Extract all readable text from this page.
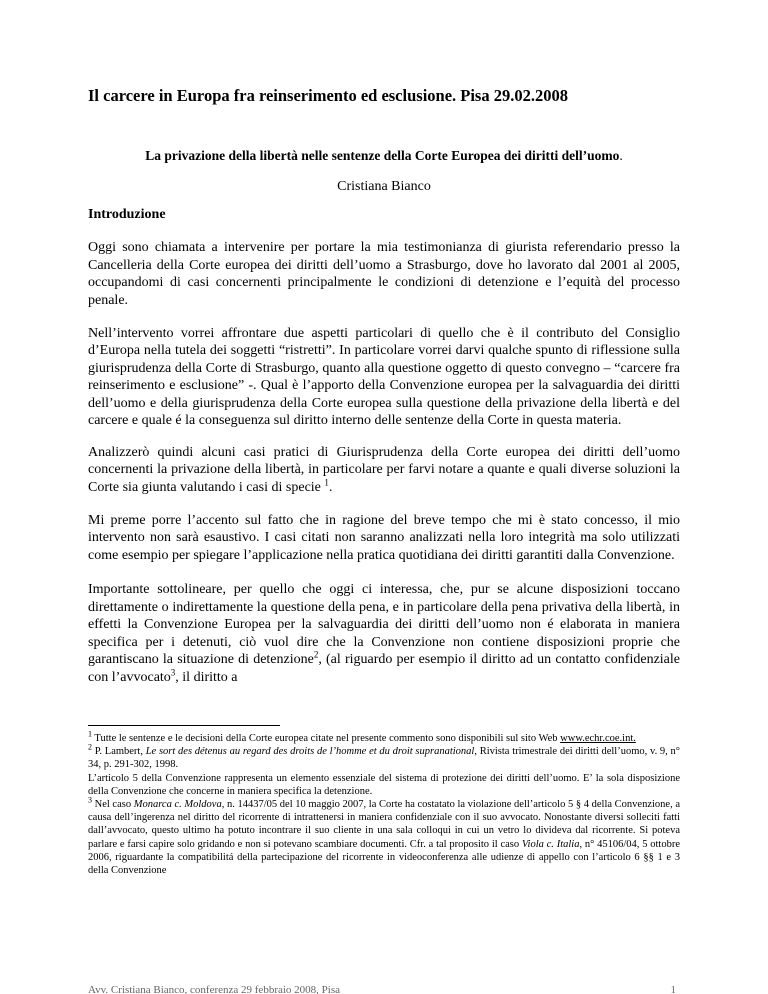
Il carcere in Europa fra reinserimento ed esclusione. Pisa 29.02.2008
La privazione della libertà nelle sentenze della Corte Europea dei diritti dell’uomo.

Cristiana Bianco

Introduzione

Oggi sono chiamata a intervenire per portare la mia testimonianza di giurista referendario presso la Cancelleria della Corte europea dei diritti dell’uomo a Strasburgo, dove ho lavorato dal 2001 al 2005, occupandomi di casi concernenti principalmente le condizioni di detenzione e l’equità del processo penale.

Nell’intervento vorrei affrontare due aspetti particolari di quello che è il contributo del Consiglio d’Europa nella tutela dei soggetti “ristretti”. In particolare vorrei darvi qualche spunto di riflessione sulla giurisprudenza della Corte di Strasburgo, quanto alla questione oggetto di questo convegno – “carcere fra reinserimento e esclusione” -. Qual è l’apporto della Convenzione europea per la salvaguardia dei diritti dell’uomo e della giurisprudenza della Corte europea sulla questione della privazione della libertà e del carcere e quale é la conseguenza sul diritto interno delle sentenze della Corte in questa materia.

Analizzerò quindi alcuni casi pratici di Giurisprudenza della Corte europea dei diritti dell’uomo concernenti la privazione della libertà, in particolare per farvi notare a quante e quali diverse soluzioni la Corte sia giunta valutando i casi di specie $^1$.

Mi preme porre l’accento sul fatto che in ragione del breve tempo che mi è stato concesso, il mio intervento non sarà esaustivo. I casi citati non saranno analizzati nella loro integrità ma solo utilizzati come esempio per spiegare l’applicazione nella pratica quotidiana dei diritti garantiti dalla Convenzione.

Importante sottolineare, per quello che oggi ci interessa, che, pur se alcune disposizioni toccano direttamente o indirettamente la questione della pena, e in particolare della pena privativa della libertà, in effetti la Convenzione Europea per la salvaguardia dei diritti dell’uomo non é elaborata in maniera specifica per i detenuti, ciò vuol dire che la Convenzione non contiene disposizioni proprie che garantiscano la situazione di detenzione$^2$, (al riguardo per esempio il diritto ad un contatto confidenziale con l’avvocato$^3$, il diritto a

$^1$ Tutte le sentenze e le decisioni della Corte europea citate nel presente commento sono disponibili sul sito Web www.echr.coe.int.

$^2$ P. Lambert, Le sort des détenus au regard des droits de l’homme et du droit supranational, Rivista trimestrale dei diritti dell’uomo, v. 9, n° 34, p. 291-302, 1998.

L’articolo 5 della Convenzione rappresenta un elemento essenziale del sistema di protezione dei diritti dell’uomo. E’ la sola disposizione della Convenzione che concerne in maniera specifica la detenzione.

$^3$ Nel caso Monarca c. Moldova, n. 14437/05 del 10 maggio 2007, la Corte ha costatato la violazione dell’articolo 5 § 4 della Convenzione, a causa dell’ingerenza nel diritto del ricorrente di intrattenersi in maniera confidenziale con il suo avvocato. Nonostante diversi solleciti fatti dall’avvocato, questo ultimo ha potuto incontrare il suo cliente in una sala colloqui in cui un vetro lo divideva dal ricorrente. Si poteva parlare e farsi capire solo gridando e non si potevano scambiare documenti. Cfr. a tal proposito il caso Viola c. Italia, n° 45106/04, 5 ottobre 2006, riguardante la compatibilitá della partecipazione del ricorrente in videoconferenza alle udienze di appello con l’articolo 6 §§ 1 e 3 della Convenzione

Avv. Cristiana Bianco, conferenza 29 febbraio 2008, Pisa	1
